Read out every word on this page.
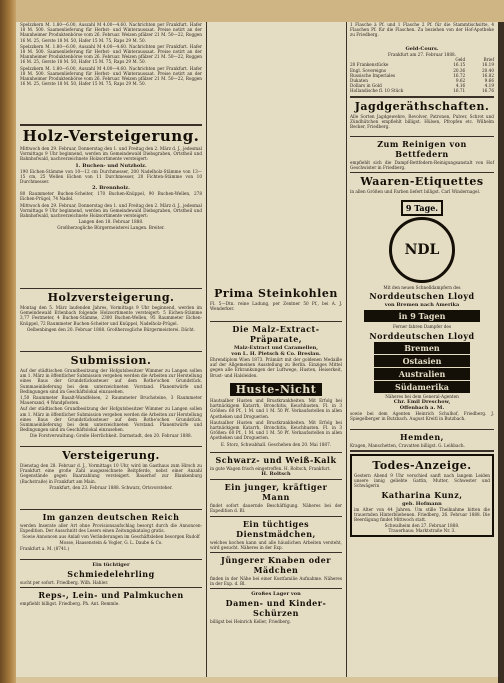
Spelzzkern M. 1.80—6.00, Auszahl M 4.00—4.60. Nachrichten per Frankfurt. Hafer 18 M. 500. Saamenlieferung für Herbst- und Winteraussaat. Preise notirt an der Mannheimer Produktenbörse vom 26. Februar. Weizen pfälzer 21 M. 50—22, Roggen 16 M. 25, Gerste 18 M. 50, Hafer 15 M. 75, Raps 29 M. 50.

Spelzzkern M. 1.80—6.00, Auszahl M 4.00—4.60. Nachrichten per Frankfurt. Hafer 18 M. 500. Saamenlieferung für Herbst- und Winteraussaat. Preise notirt an der Mannheimer Produktenbörse vom 26. Februar. Weizen pfälzer 21 M. 50—22, Roggen 16 M. 25, Gerste 18 M. 50, Hafer 15 M. 75, Raps 29 M. 50.

Spelzzkern M. 1.80—6.00, Auszahl M 4.00—4.60. Nachrichten per Frankfurt. Hafer 18 M. 500. Saamenlieferung für Herbst- und Winteraussaat. Preise notirt an der Mannheimer Produktenbörse vom 26. Februar. Weizen pfälzer 21 M. 50—22, Roggen 16 M. 25, Gerste 18 M. 50, Hafer 15 M. 75, Raps 29 M. 50.

Holz-Versteigerung.

Mittwoch den 29. Februar, Donnerstag den 1. und Freitag den 2. März d. J., jedesmal Vormittags 9 Uhr beginnend, werden im Gemeindewald Diebsgraben, Ortstheil und Bahnhofwald, nachverzeichnete Holzsortimente versteigert:

1. Buchen- und Nutzholz.

190 Eichen-Stämme von 10—12 cm Durchmesser, 200 Nadelholz-Stämme von 13—15 cm, 25 Wellen Eichen von 11 Durchmesser, 20 Fichten-Stämme von 10 Durchmesser.

2. Brennholz.

80 Raummeter Buchen-Scheiter, 170 Buchen-Knüppel, 90 Buchen-Wellen, 278 Eichen-Prügel, 74 Nadel.

Mittwoch den 29. Februar, Donnerstag den 1. und Freitag den 2. März d. J., jedesmal Vormittags 9 Uhr beginnend, werden im Gemeindewald Diebsgraben, Ortstheil und Bahnhofwald, nachverzeichnete Holzsortimente versteigert:

Langen den 18. Februar 1888.

Großherzogliche Bürgermeisterei Langen. Breiter.

Holzversteigerung.

Montag den 5. März laufenden Jahres, Vormittags 9 Uhr beginnend, werden im Gemeindewald Erlenbach folgende Holzsortimente versteigert: 5 Eichen-Stämme 3,77 Festmeter, 4 Buchen-Stämme, 2300 Buchen-Wellen, 95 Raummeter Eichen-Knüppel, 72 Raummeter Buchen-Scheiter und Knüppel, Nadelholz-Prügel.

Oelbenbingen den 20. Februar 1888. Großherzogliche Bürgermeisterei. Dächt.

Submission.

Auf der städtischen Grundbesitzung der Hofgutsbesitzer Wimmer zu Langen sollen am 1. März in öffentlicher Submission vergeben werden die Arbeiten zur Herstellung eines Baus der Grundstückssteuer auf dem Rothe'schen Grundstück. Summaeinlieferung bei dem unterzeichneten Vorstand. Planentwürfe und Bedingungen sind im Geschäftslokal einzusehen.

1,50 Raummeter Basalt-Wandfelsen, 2 Raummeter Bruchsteine, 3 Raummeter Mauersand, 4 Wandpfosten.

Auf der städtischen Grundbesitzung der Hofgutsbesitzer Wimmer zu Langen sollen am 1. März in öffentlicher Submission vergeben werden die Arbeiten zur Herstellung eines Baus der Grundstückssteuer auf dem Rothe'schen Grundstück. Summaeinlieferung bei dem unterzeichneten Vorstand. Planentwürfe und Bedingungen sind im Geschäftslokal einzusehen.

Die Forstverwaltung: Große Herrlichkeit. Darmstadt, den 20. Februar 1888.

Versteigerung.

Dienstag den 28. Februar d. J., Vormittags 10 Uhr, wird im Gasthaus zum Hirsch zu Frankfurt eine große Zahl ausgezeichnete Reitpferde, nebst einer Anzahl Gegenstände gegen Baarzahlung versteigert. Bauerhof zur Blankenburg (Bachstraße) in Frankfurt am Main.

Frankfurt, den 23. Februar 1888. Schwarz, Ortsvorsteher.

Im ganzen deutschen Reich

werden Inserate aller Art ohne Provisionsaufschlag besorgt durch die Annoncen-Expedition. Der Ausschnitt des Lesers einen Zeitungskatalog gratis.

Sowie Annoncen aus Anlaß von Veränderungen im Geschäftsleben besorgen Rudolf Mosse, Haasenstein & Vogler, G. L. Daube & Co.

Frankfurt a. M. (8741.)

Ein tüchtiger
Schmiedelehrling
sucht per sofort. Friedberg. Wilh. Hahler.
Reps-, Lein- und Palmkuchen
empfiehlt billigst. Friedberg. Ph. Ant. Remmle.
Prima Steinkohlen
Fl. 5—Dtn. reine Ladung, per Zentner 50 Pf., bei A. J. Wenderker.
Die Malz-Extract-Präparate,
Malz-Extract und Caramellen,
von L. H. Pietsch & Co. Breslau.
Ehrendiplom Wien 1873. Prämiirt mit der goldenen Medaille auf der Allgemeinen Ausstellung zu Berlin. Einziges Mittel gegen alle Erkrankungen der Luftwege, Husten, Heiserkeit, Brust- und Halsleiden.
Huste-Nicht

Hautsalber Husten und Brustkrankheiten. Mit Erfolg bei hartnäckigem Katarrh, Bronchitis, Keuchhusten. Fl. in 3 Größen: 60 Pf., 1 M. und 1 M. 50 Pf. Verkaufsstellen in allen Apotheken und Droguerien.

Hautsalber Husten und Brustkrankheiten. Mit Erfolg bei hartnäckigem Katarrh, Bronchitis, Keuchhusten. Fl. in 3 Größen: 60 Pf., 1 M. und 1 M. 50 Pf. Verkaufsstellen in allen Apotheken und Droguerien.

E. Storz, Schwabhall. Geschehen den 20. Mai 1887.

Schwarz- und Weiß-Kalk
in gute Wagen frisch eingetroffen. H. Roltsch, Frankfurt.
H. Roltsch
Ein junger, kräftiger Mann
findet sofort dauernde Beschäftigung. Näheres bei der Expedition d. Bl.
Ein tüchtiges Dienstmädchen,
welches kochen kann und alle häuslichen Arbeiten versteht, wird gesucht. Näheres in der Exp.
Jüngerer Knaben oder Mädchen
finden in der Nähe bei einer Kostfamilie Aufnahme. Näheres in der Exp. d. Bl.
Großes Lager von
Damen- und Kinder-Schürzen
billigst bei Heinrich Keller, Friedberg.
1 Flasche à Pf. und 1 Flasche 2 Pf. für die Stammtischsitte, 4 Flaschen Pf. für die Flaschen. Zu beziehen von der Hof-Apotheke zu Friedberg.
Geld-Cours.
Frankfurt am 27. Februar 1888.
Geld	Brief
20 Frankenstücke	16.15	16.19
Engl. Sovereigns	20.36	20.40
Russische Imperiales	16.72	16.82
Dukaten	9.62	9.66
Dollars in Gold	4.16	4.19
Hollandische fl. 10 Stück	16.71	16.76
Jagdgeräthschaften.
Alle Sorten Jagdgewehre, Revolver, Patronen, Pulver, Schrot und Zündhütchen empfiehlt billigst. Hülsen, Pfropfen etc. Wilhelm Becker, Friedberg.
Zum Reinigen von Bettfedern
empfiehlt sich die Dampf-Bettfedern-Reinigungsanstalt von Hof Geschwister in Friedberg.
Waaren-Etiquettes
in allen Größen und Farben liefert billigst. Carl Windernagel.
9 Tage.
NDL
Mit den neuen Schnelldampfern des
Norddeutschen Lloyd
von Bremen nach Amerika
in 9 Tagen
Ferner fahren Dampfer des
Norddeutschen Lloyd
Bremen
Ostasien
Australien
Südamerika
Näheres bei dem General-Agenten
Chr. Emil Dreschow,
Offenbach a. M.
sowie bei dem Agenten Heinrich Schulhof, Friedberg. J. Spiegelberger in Butzbach. August Kreitl in Butzbach.
Hemden,
Kragen, Manschetten, Cravatten billigst. G. Leihbach.
Todes-Anzeige.
Gestern Abend 9 Uhr verschied sanft nach langem Leiden unsere innig geliebte Gattin, Mutter, Schwester und Schwägerin
Katharina Kunz,
geb. Hofmann
im Alter von 44 Jahren. Um stille Theilnahme bitten die trauernden Hinterbliebenen. Friedberg, 26. Februar 1888. Die Beerdigung findet Mittwoch statt.
Schwalheim den 27. Februar 1888.
Trauerhaus: Marktstraße Nr. 3.
